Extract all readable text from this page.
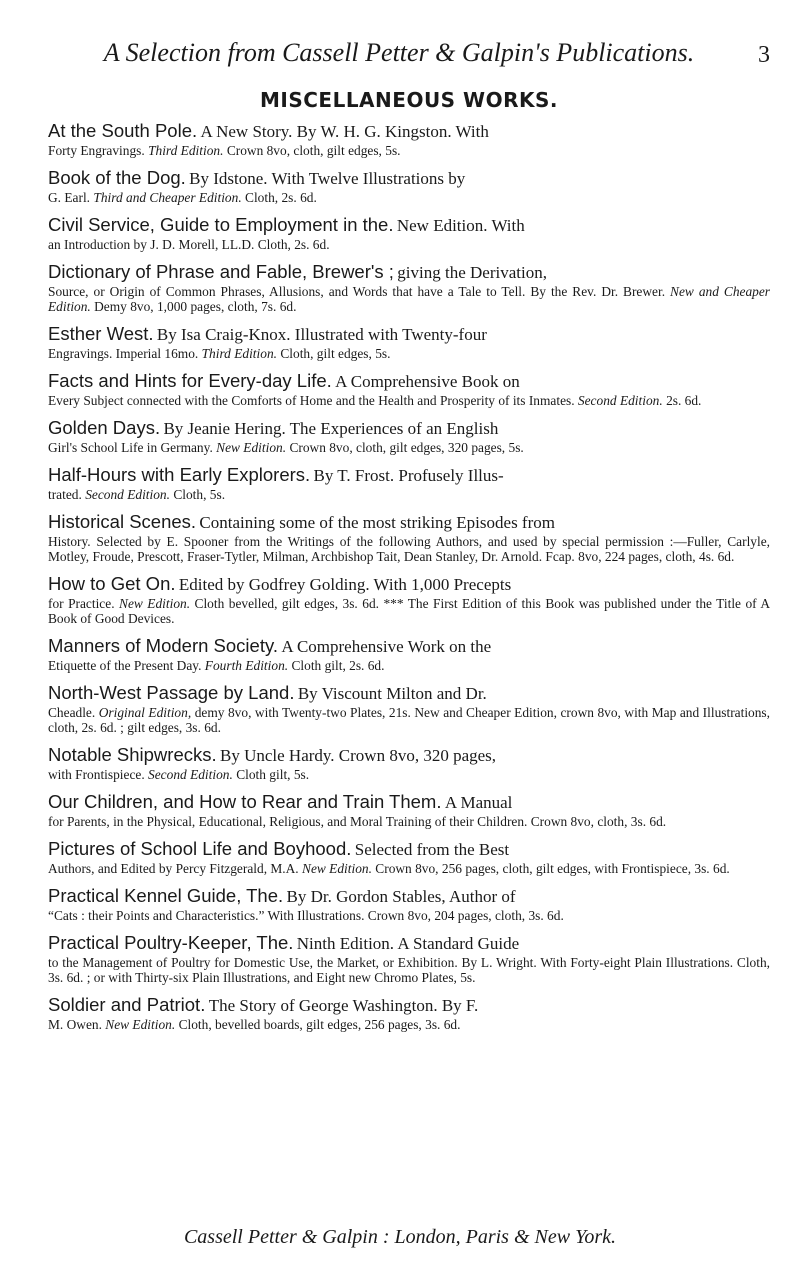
A Selection from Cassell Petter & Galpin's Publications.	3
MISCELLANEOUS WORKS.

At the South Pole. A New Story. By W. H. G. Kingston. With
Forty Engravings. Third Edition. Crown 8vo, cloth, gilt edges, 5s.

Book of the Dog. By Idstone. With Twelve Illustrations by
G. Earl. Third and Cheaper Edition. Cloth, 2s. 6d.

Civil Service, Guide to Employment in the. New Edition. With
an Introduction by J. D. Morell, LL.D. Cloth, 2s. 6d.

Dictionary of Phrase and Fable, Brewer's ; giving the Derivation,
Source, or Origin of Common Phrases, Allusions, and Words that have a Tale to Tell. By the Rev. Dr. Brewer. New and Cheaper Edition. Demy 8vo, 1,000 pages, cloth, 7s. 6d.

Esther West. By Isa Craig-Knox. Illustrated with Twenty-four
Engravings. Imperial 16mo. Third Edition. Cloth, gilt edges, 5s.

Facts and Hints for Every-day Life. A Comprehensive Book on
Every Subject connected with the Comforts of Home and the Health and Prosperity of its Inmates. Second Edition. 2s. 6d.

Golden Days. By Jeanie Hering. The Experiences of an English
Girl's School Life in Germany. New Edition. Crown 8vo, cloth, gilt edges, 320 pages, 5s.

Half-Hours with Early Explorers. By T. Frost. Profusely Illus-
trated. Second Edition. Cloth, 5s.

Historical Scenes. Containing some of the most striking Episodes from
History. Selected by E. Spooner from the Writings of the following Authors, and used by special permission :—Fuller, Carlyle, Motley, Froude, Prescott, Fraser-Tytler, Milman, Archbishop Tait, Dean Stanley, Dr. Arnold. Fcap. 8vo, 224 pages, cloth, 4s. 6d.

How to Get On. Edited by Godfrey Golding. With 1,000 Precepts
for Practice. New Edition. Cloth bevelled, gilt edges, 3s. 6d. *** The First Edition of this Book was published under the Title of A Book of Good Devices.

Manners of Modern Society. A Comprehensive Work on the
Etiquette of the Present Day. Fourth Edition. Cloth gilt, 2s. 6d.

North-West Passage by Land. By Viscount Milton and Dr.
Cheadle. Original Edition, demy 8vo, with Twenty-two Plates, 21s. New and Cheaper Edition, crown 8vo, with Map and Illustrations, cloth, 2s. 6d. ; gilt edges, 3s. 6d.

Notable Shipwrecks. By Uncle Hardy. Crown 8vo, 320 pages,
with Frontispiece. Second Edition. Cloth gilt, 5s.

Our Children, and How to Rear and Train Them. A Manual
for Parents, in the Physical, Educational, Religious, and Moral Training of their Children. Crown 8vo, cloth, 3s. 6d.

Pictures of School Life and Boyhood. Selected from the Best
Authors, and Edited by Percy Fitzgerald, M.A. New Edition. Crown 8vo, 256 pages, cloth, gilt edges, with Frontispiece, 3s. 6d.

Practical Kennel Guide, The. By Dr. Gordon Stables, Author of
“Cats : their Points and Characteristics.” With Illustrations. Crown 8vo, 204 pages, cloth, 3s. 6d.

Practical Poultry-Keeper, The. Ninth Edition. A Standard Guide
to the Management of Poultry for Domestic Use, the Market, or Exhibition. By L. Wright. With Forty-eight Plain Illustrations. Cloth, 3s. 6d. ; or with Thirty-six Plain Illustrations, and Eight new Chromo Plates, 5s.

Soldier and Patriot. The Story of George Washington. By F.
M. Owen. New Edition. Cloth, bevelled boards, gilt edges, 256 pages, 3s. 6d.

Cassell Petter & Galpin : London, Paris & New York.
